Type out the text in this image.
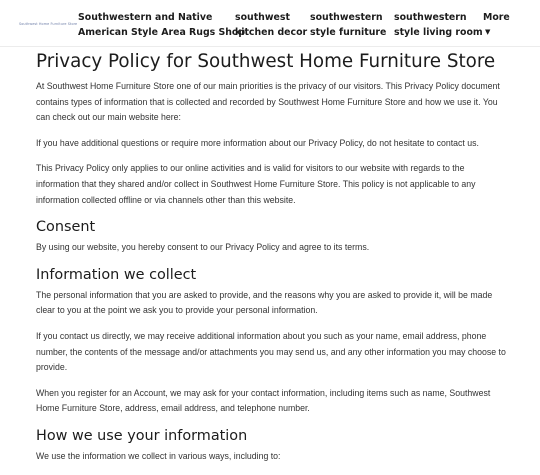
Southwest Home Furniture Store
Southwestern and Native
American Style Area Rugs Shop
southwest
kitchen decor
southwestern
style furniture
southwestern
style living room
More
▼
Privacy Policy for Southwest Home Furniture Store

At Southwest Home Furniture Store one of our main priorities is the privacy of our visitors. This Privacy Policy document contains types of information that is collected and recorded by Southwest Home Furniture Store and how we use it. You can check out our main website here:

If you have additional questions or require more information about our Privacy Policy, do not hesitate to contact us.

This Privacy Policy only applies to our online activities and is valid for visitors to our website with regards to the information that they shared and/or collect in Southwest Home Furniture Store. This policy is not applicable to any information collected offline or via channels other than this website.

Consent

By using our website, you hereby consent to our Privacy Policy and agree to its terms.

Information we collect

The personal information that you are asked to provide, and the reasons why you are asked to provide it, will be made clear to you at the point we ask you to provide your personal information.

If you contact us directly, we may receive additional information about you such as your name, email address, phone number, the contents of the message and/or attachments you may send us, and any other information you may choose to provide.

When you register for an Account, we may ask for your contact information, including items such as name, Southwest Home Furniture Store, address, email address, and telephone number.

How we use your information

We use the information we collect in various ways, including to:
